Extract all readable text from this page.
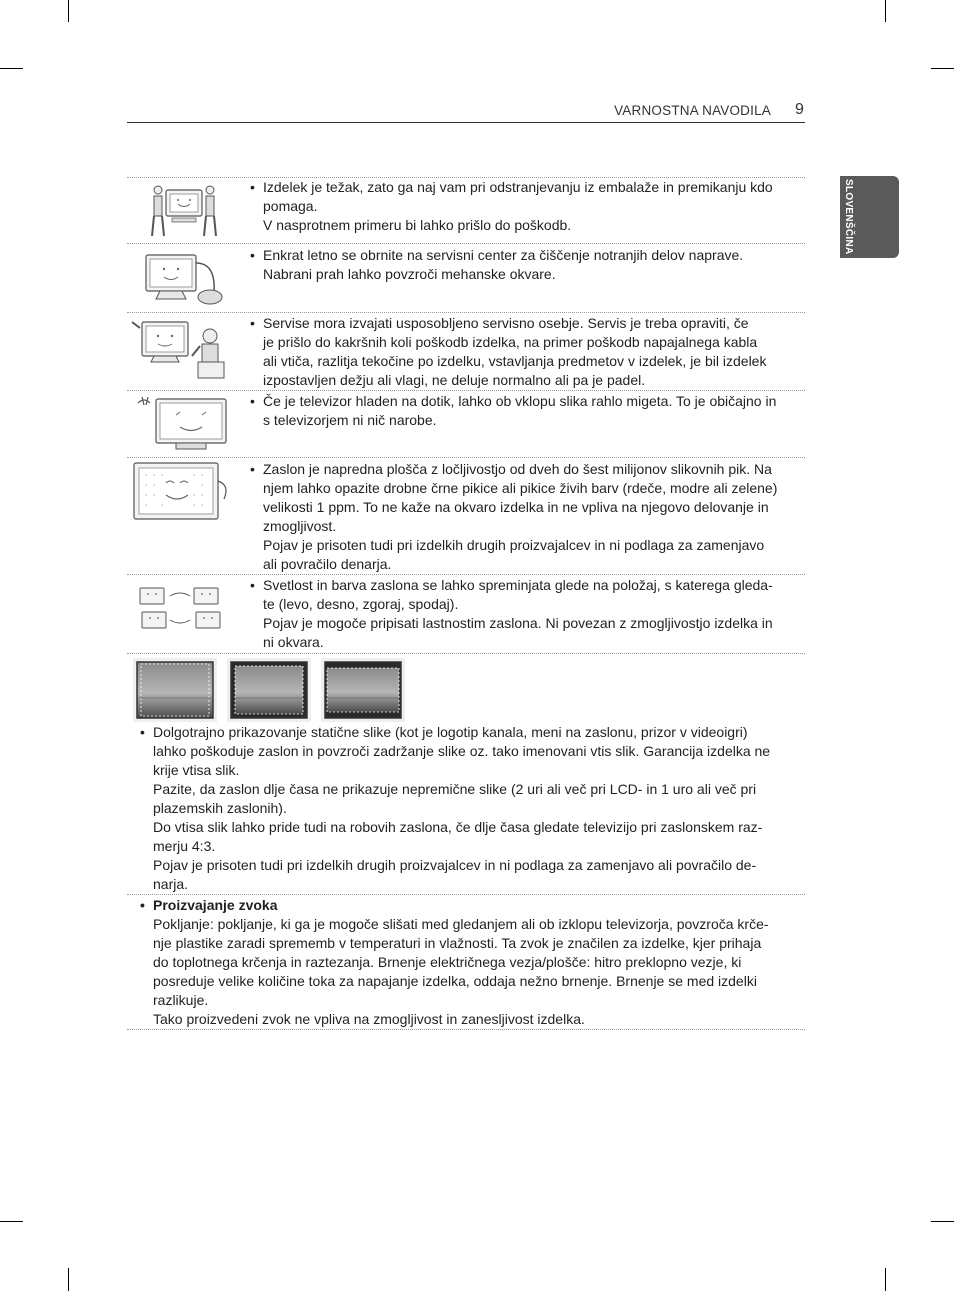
VARNOSTNA NAVODILA 9
SLOVENŠČINA
• Izdelek je težak, zato ga naj vam pri odstranjevanju iz embalaže in premikanju kdo

pomaga.

V nasprotnem primeru bi lahko prišlo do poškodb.

• Enkrat letno se obrnite na servisni center za čiščenje notranjih delov naprave.

Nabrani prah lahko povzroči mehanske okvare.

• Servise mora izvajati usposobljeno servisno osebje. Servis je treba opraviti, če

je prišlo do kakršnih koli poškodb izdelka, na primer poškodb napajalnega kabla

ali vtiča, razlitja tekočine po izdelku, vstavljanja predmetov v izdelek, je bil izdelek

izpostavljen dežju ali vlagi, ne deluje normalno ali pa je padel.

• Če je televizor hladen na dotik, lahko ob vklopu slika rahlo migeta. To je običajno in

s televizorjem ni nič narobe.

• Zaslon je napredna plošča z ločljivostjo od dveh do šest milijonov slikovnih pik. Na

njem lahko opazite drobne črne pikice ali pikice živih barv (rdeče, modre ali zelene)

velikosti 1 ppm. To ne kaže na okvaro izdelka in ne vpliva na njegovo delovanje in

zmogljivost.

Pojav je prisoten tudi pri izdelkih drugih proizvajalcev in ni podlaga za zamenjavo

ali povračilo denarja.

• Svetlost in barva zaslona se lahko spreminjata glede na položaj, s katerega gleda-

te (levo, desno, zgoraj, spodaj).

Pojav je mogoče pripisati lastnostim zaslona. Ni povezan z zmogljivostjo izdelka in

ni okvara.

• Dolgotrajno prikazovanje statične slike (kot je logotip kanala, meni na zaslonu, prizor v videoigri)

lahko poškoduje zaslon in povzroči zadržanje slike oz. tako imenovani vtis slik. Garancija izdelka ne

krije vtisa slik.

Pazite, da zaslon dlje časa ne prikazuje nepremične slike (2 uri ali več pri LCD- in 1 uro ali več pri

plazemskih zaslonih).

Do vtisa slik lahko pride tudi na robovih zaslona, če dlje časa gledate televizijo pri zaslonskem raz-

merju 4:3.

Pojav je prisoten tudi pri izdelkih drugih proizvajalcev in ni podlaga za zamenjavo ali povračilo de-

narja.

• Proizvajanje zvoka

Pokljanje: pokljanje, ki ga je mogoče slišati med gledanjem ali ob izklopu televizorja, povzroča krče-

nje plastike zaradi sprememb v temperaturi in vlažnosti. Ta zvok je značilen za izdelke, kjer prihaja

do toplotnega krčenja in raztezanja. Brnenje električnega vezja/plošče: hitro preklopno vezje, ki

posreduje velike količine toka za napajanje izdelka, oddaja nežno brnenje. Brnenje se med izdelki

razlikuje.

Tako proizvedeni zvok ne vpliva na zmogljivost in zanesljivost izdelka.
